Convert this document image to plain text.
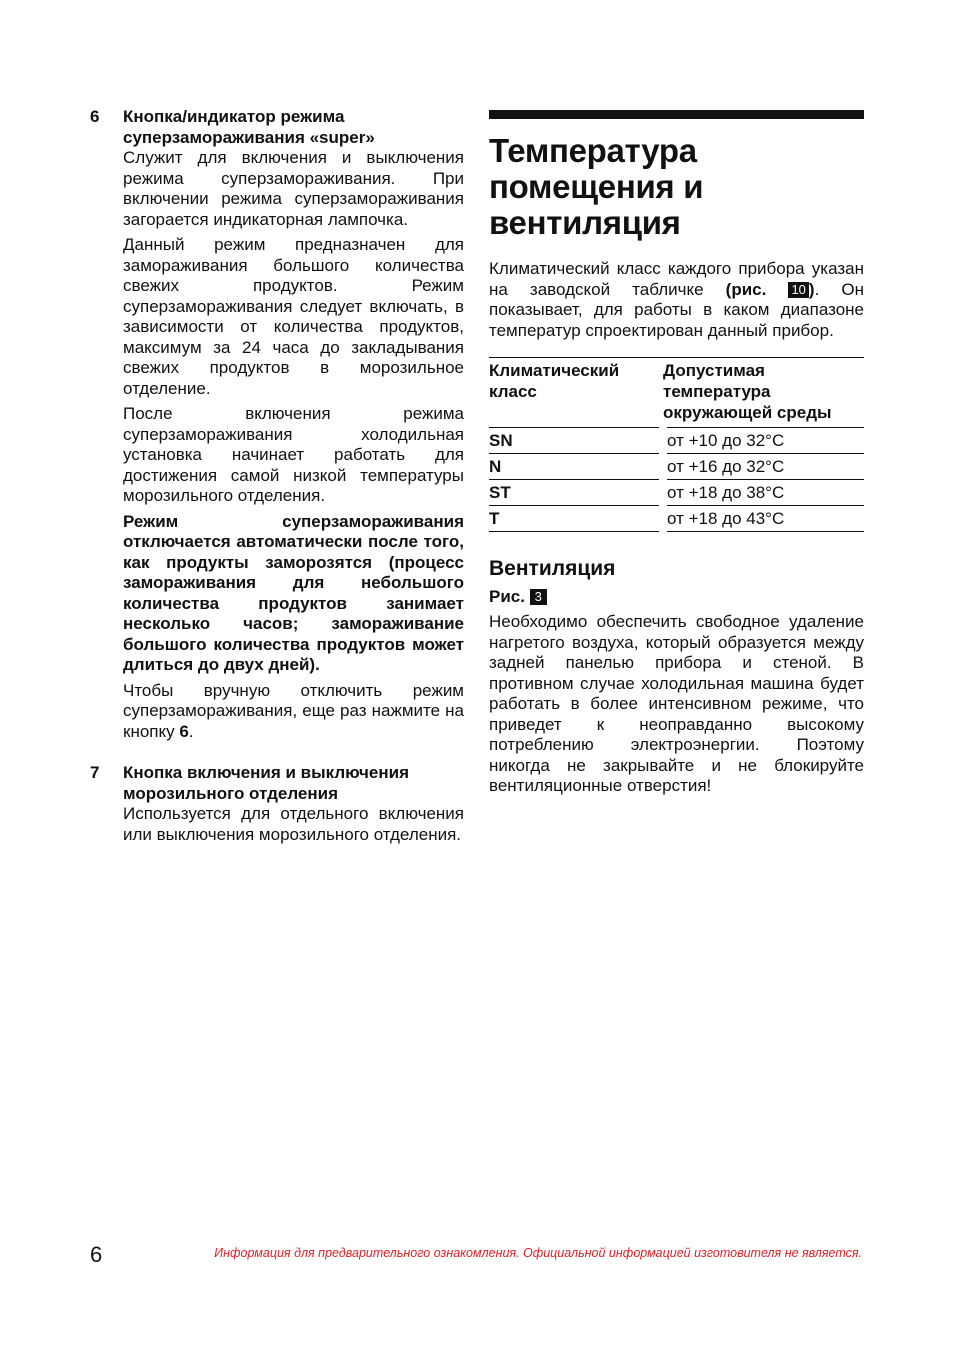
6 Кнопка/индикатор режима суперзамораживания «super»

Служит для включения и выключения режима суперзамораживания. При включении режима суперзамораживания загорается индикаторная лампочка.

Данный режим предназначен для замораживания большого количества свежих продуктов. Режим суперзамораживания следует включать, в зависимости от количества продуктов, максимум за 24 часа до закладывания свежих продуктов в морозильное отделение.

После включения режима суперзамораживания холодильная установка начинает работать для достижения самой низкой температуры морозильного отделения.

Режим суперзамораживания отключается автоматически после того, как продукты заморозятся (процесс замораживания для небольшого количества продуктов занимает несколько часов; замораживание большого количества продуктов может длиться до двух дней).

Чтобы вручную отключить режим суперзамораживания, еще раз нажмите на кнопку 6.

7 Кнопка включения и выключения морозильного отделения

Используется для отдельного включения или выключения морозильного отделения.

Температура помещения и вентиляция

Климатический класс каждого прибора указан на заводской табличке (рис. 10 ). Он показывает, для работы в каком диапазоне температур спроектирован данный прибор.

Климатический класс	Допустимая температура окружающей среды
SN	от +10 до 32°C
N	от +16 до 32°C
ST	от +18 до 38°C
T	от +18 до 43°C
Вентиляция
Рис. 3

Необходимо обеспечить свободное удаление нагретого воздуха, который образуется между задней панелью прибора и стеной. В противном случае холодильная машина будет работать в более интенсивном режиме, что приведет к неоправданно высокому потреблению электроэнергии. Поэтому никогда не закрывайте и не блокируйте вентиляционные отверстия!

6	Информация для предварительного ознакомления. Официальной информацией изготовителя не является.
